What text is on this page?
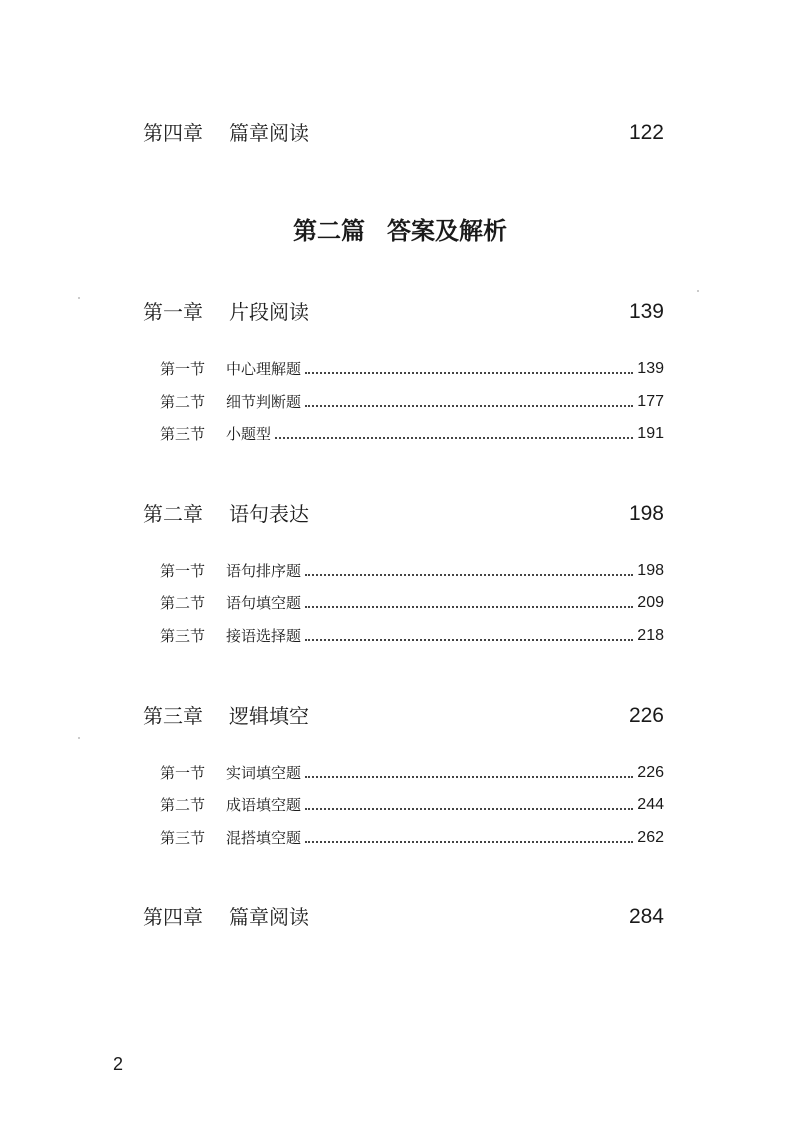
第四章 篇章阅读	122
第二篇 答案及解析
第一章 片段阅读	139
第一节	中心理解题	139
第二节	细节判断题	177
第三节	小题型	191
第二章 语句表达	198
第一节	语句排序题	198
第二节	语句填空题	209
第三节	接语选择题	218
第三章 逻辑填空	226
第一节	实词填空题	226
第二节	成语填空题	244
第三节	混搭填空题	262
第四章 篇章阅读	284
2
